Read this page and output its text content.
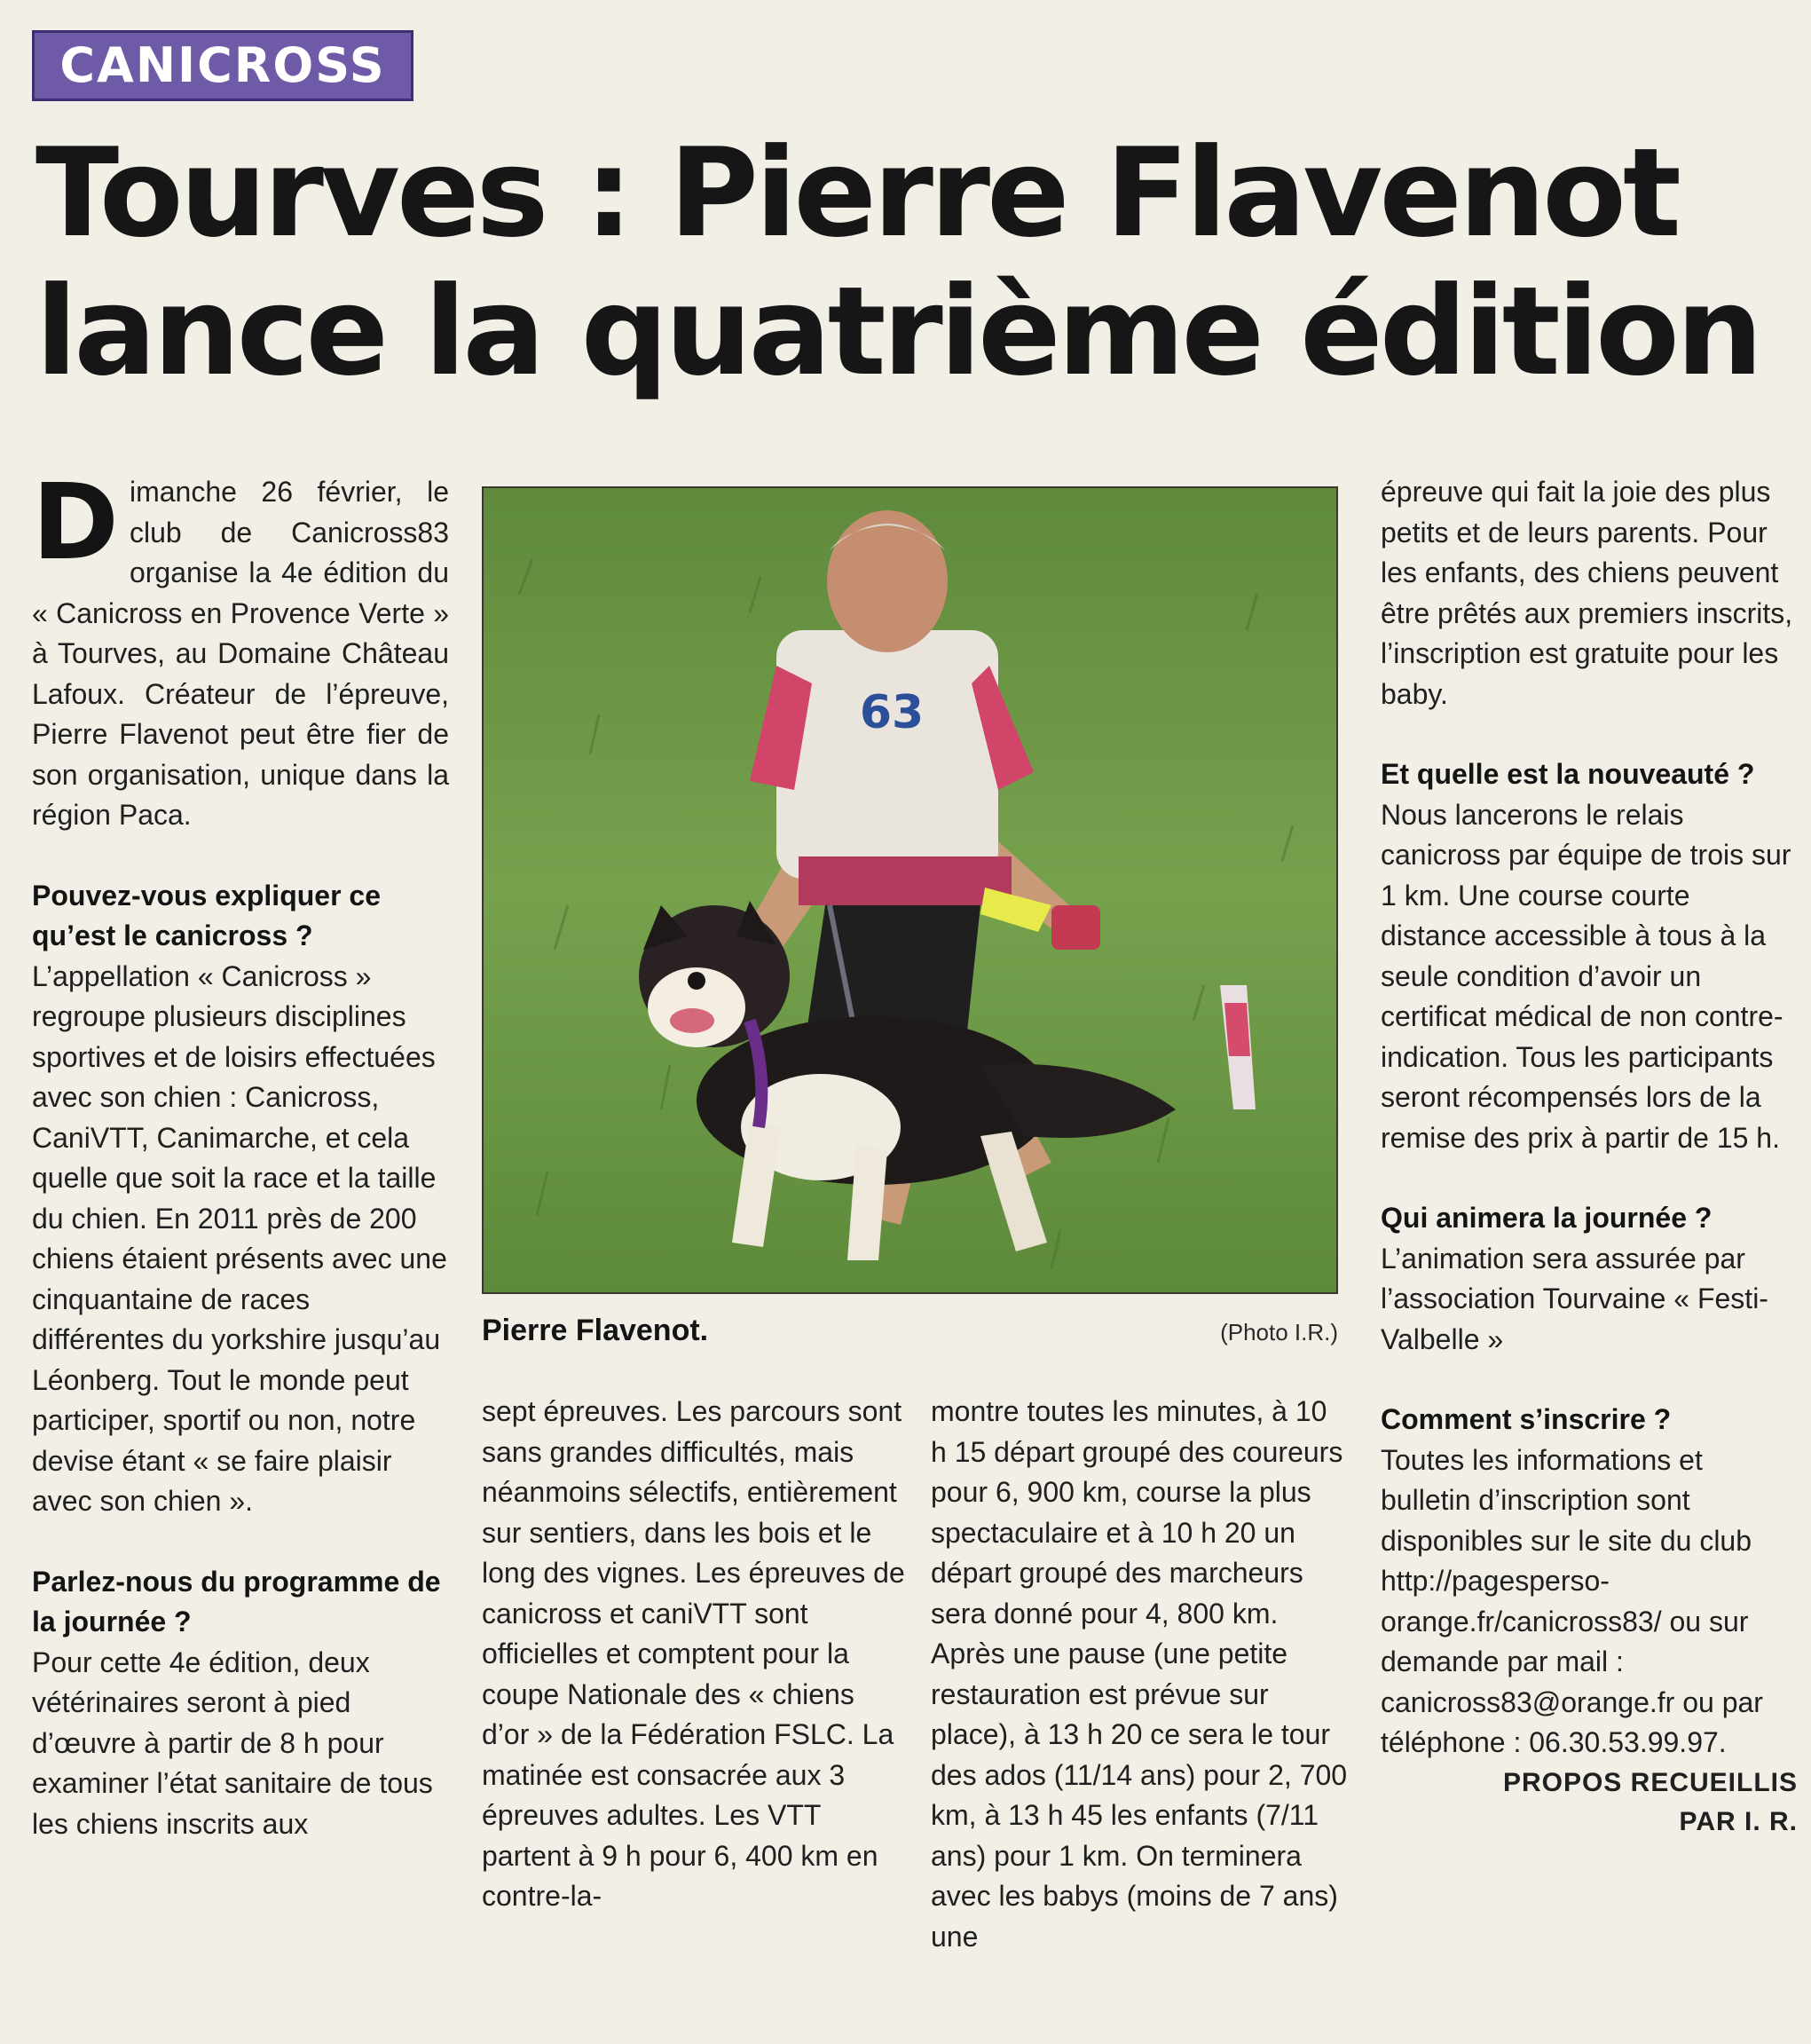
CANICROSS
Tourves : Pierre Flavenot
lance la quatrième édition

Dimanche 26 février, le club de Canicross83 organise la 4e édition du « Canicross en Provence Verte » à Tourves, au Domaine Château Lafoux. Créateur de l’épreuve, Pierre Flavenot peut être fier de son organisation, unique dans la région Paca.

Pouvez-vous expliquer ce qu’est le canicross ?

L’appellation « Canicross » regroupe plusieurs disciplines sportives et de loisirs effectuées avec son chien : Canicross, CaniVTT, Canimarche, et cela quelle que soit la race et la taille du chien. En 2011 près de 200 chiens étaient présents avec une cinquantaine de races différentes du yorkshire jusqu’au Léonberg. Tout le monde peut participer, sportif ou non, notre devise étant « se faire plaisir avec son chien ».

Parlez-nous du programme de la journée ?

Pour cette 4e édition, deux vétérinaires seront à pied d’œuvre à partir de 8 h pour examiner l’état sanitaire de tous les chiens inscrits aux

63
Pierre Flavenot.	(Photo I.R.)

sept épreuves. Les parcours sont sans grandes difficultés, mais néanmoins sélectifs, entièrement sur sentiers, dans les bois et le long des vignes. Les épreuves de canicross et caniVTT sont officielles et comptent pour la coupe Nationale des « chiens d’or » de la Fédération FSLC. La matinée est consacrée aux 3 épreuves adultes. Les VTT partent à 9 h pour 6, 400 km en contre-la-

montre toutes les minutes, à 10 h 15 départ groupé des coureurs pour 6, 900 km, course la plus spectaculaire et à 10 h 20 un départ groupé des marcheurs sera donné pour 4, 800 km. Après une pause (une petite restauration est prévue sur place), à 13 h 20 ce sera le tour des ados (11/14 ans) pour 2, 700 km, à 13 h 45 les enfants (7/11 ans) pour 1 km. On terminera avec les babys (moins de 7 ans) une

épreuve qui fait la joie des plus petits et de leurs parents. Pour les enfants, des chiens peuvent être prêtés aux premiers inscrits, l’inscription est gratuite pour les baby.

Et quelle est la nouveauté ?

Nous lancerons le relais canicross par équipe de trois sur 1 km. Une course courte distance accessible à tous à la seule condition d’avoir un certificat médical de non contre-indication. Tous les participants seront récompensés lors de la remise des prix à partir de 15 h.

Qui animera la journée ?

L’animation sera assurée par l’association Tourvaine « Festi-Valbelle »

Comment s’inscrire ?

Toutes les informations et bulletin d’inscription sont disponibles sur le site du club http://pagesperso-orange.fr/canicross83/ ou sur demande par mail : canicross83@orange.fr ou par téléphone : 06.30.53.99.97.

PROPOS RECUEILLIS
PAR I. R.
